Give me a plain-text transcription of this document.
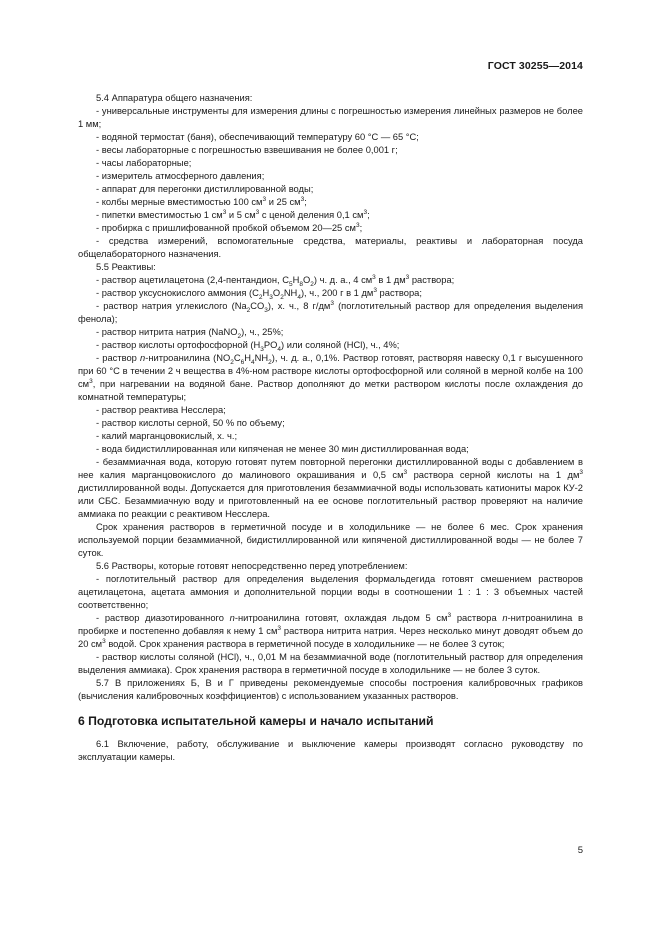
ГОСТ 30255—2014

5.4 Аппаратура общего назначения:

- универсальные инструменты для измерения длины с погрешностью измерения линейных размеров не более 1 мм;

- водяной термостат (баня), обеспечивающий температуру 60 °С — 65 °С;

- весы лабораторные с погрешностью взвешивания не более 0,001 г;

- часы лабораторные;

- измеритель атмосферного давления;

- аппарат для перегонки дистиллированной воды;

- колбы мерные вместимостью 100 $см^3$ и 25 $см^3$;

- пипетки вместимостью 1 $см^3$ и 5 $см^3$ с ценой деления 0,1 $см^3$;

- пробирка с пришлифованной пробкой объемом 20—25 $см^3$;

- средства измерений, вспомогательные средства, материалы, реактивы и лабораторная посуда общелабораторного назначения.

5.5 Реактивы:

- раствор ацетилацетона (2,4-пентандион, $C_5H_8O_2$) ч. д. а., 4 $см^3$ в 1 $дм^3$ раствора;

- раствор уксуснокислого аммония $(C_2H_3O_2NH_4)$, ч., 200 г в 1 $дм^3$ раствора;

- раствор натрия углекислого $(Na_2CO_3)$, х. ч., 8 $г/дм^3$ (поглотительный раствор для определения выделения фенола);

- раствор нитрита натрия (NaNO$_2$), ч., 25%;

- раствор кислоты ортофосфорной $(H_3PO_4)$ или соляной (HCl), ч., 4%;

- раствор n-нитроанилина $(NO_2C_6H_4NH_2)$, ч. д. а., 0,1%. Раствор готовят, растворяя навеску 0,1 г высушенного при 60 °С в течении 2 ч вещества в 4%-ном растворе кислоты ортофосфорной или соляной в мерной колбе на 100 $см^3$, при нагревании на водяной бане. Раствор дополняют до метки раствором кислоты после охлаждения до комнатной температуры;

- раствор реактива Несслера;

- раствор кислоты серной, 50 % по объему;

- калий марганцовокислый, х. ч.;

- вода бидистиллированная или кипяченая не менее 30 мин дистиллированная вода;

- безаммиачная вода, которую готовят путем повторной перегонки дистиллированной воды с добавлением в нее калия марганцовокислого до малинового окрашивания и 0,5 $см^3$ раствора серной кислоты на 1 $дм^3$ дистиллированной воды. Допускается для приготовления безаммиачной воды использовать катиониты марок КУ-2 или СБС. Безаммиачную воду и приготовленный на ее основе поглотительный раствор проверяют на наличие аммиака по реакции с реактивом Несслера.

Срок хранения растворов в герметичной посуде и в холодильнике — не более 6 мес. Срок хранения используемой порции безаммиачной, бидистиллированной или кипяченой дистиллированной воды — не более 7 суток.

5.6 Растворы, которые готовят непосредственно перед употреблением:

- поглотительный раствор для определения выделения формальдегида готовят смешением растворов ацетилацетона, ацетата аммония и дополнительной порции воды в соотношении 1 : 1 : 3 объемных частей соответственно;

- раствор диазотированного n-нитроанилина готовят, охлаждая льдом 5 $см^3$ раствора n-нитроанилина в пробирке и постепенно добавляя к нему 1 $см^3$ раствора нитрита натрия. Через несколько минут доводят объем до 20 $см^3$ водой. Срок хранения раствора в герметичной посуде в холодильнике — не более 3 суток;

- раствор кислоты соляной (HCl), ч., 0,01 М на безаммиачной воде (поглотительный раствор для определения выделения аммиака). Срок хранения раствора в герметичной посуде в холодильнике — не более 3 суток.

5.7 В приложениях Б, В и Г приведены рекомендуемые способы построения калибровочных графиков (вычисления калибровочных коэффициентов) с использованием указанных растворов.

6 Подготовка испытательной камеры и начало испытаний

6.1 Включение, работу, обслуживание и выключение камеры производят согласно руководству по эксплуатации камеры.

5
